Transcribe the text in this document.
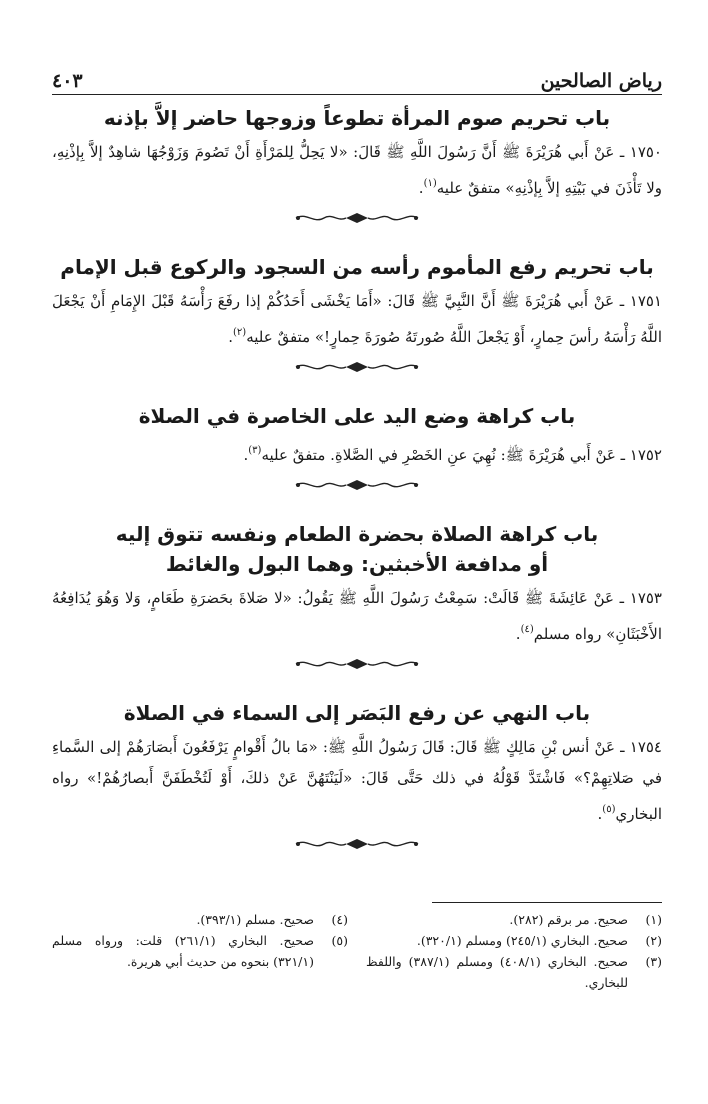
رياض الصالحين
٤٠٣
باب تحريم صوم المرأة تطوعاً وزوجها حاضر إلاَّ بإذنه

١٧٥٠ ـ عَنْ أَبي هُرَيْرَةَ ﷺ أَنَّ رَسُولَ اللَّهِ ﷺ قَالَ: «لا يَحِلُّ لِلمَرْأَةِ أَنْ تَصُومَ وَزَوْجُهَا شاهِدٌ إلاَّ بِإذْنِهِ، ولا تَأْذَنَ في بَيْتِهِ إلاَّ بِإذْنِهِ» متفقٌ عليه$^{(١)}$.

باب تحريم رفع المأموم رأسه من السجود والركوع قبل الإمام

١٧٥١ ـ عَنْ أَبي هُرَيْرَةَ ﷺ أَنَّ النَّبِيَّ ﷺ قَالَ: «أَمَا يَخْشَى أَحَدُكُمْ إذا رفَعَ رَأْسَهُ قَبْلَ الإِمَامِ أَنْ يَجْعَلَ اللَّهُ رَأْسَهُ رأسَ حِمارٍ، أَوْ يَجْعلَ اللَّهُ صُورتَهُ صُورَةَ حِمارٍ!» متفقٌ عليه$^{(٢)}$.

باب كراهة وضع اليد على الخاصرة في الصلاة

١٧٥٢ ـ عَنْ أَبي هُرَيْرَةَ ﷺ: نُهِيَ عنِ الخَصْرِ في الصَّلاةِ. متفقٌ عليه$^{(٣)}$.

باب كراهة الصلاة بحضرة الطعام ونفسه تتوق إليه
أو مدافعة الأخبثين: وهما البول والغائط

١٧٥٣ ـ عَنْ عَائِشَةَ ﷺ قَالَتْ: سَمِعْتُ رَسُولَ اللَّهِ ﷺ يَقُولُ: «لا صَلاةَ بحَضرَةِ طَعَامٍ، وَلا وَهُوَ يُدَافِعُهُ الأَخْبَثَانِ» رواه مسلم$^{(٤)}$.

باب النهي عن رفع البَصَر إلى السماء في الصلاة

١٧٥٤ ـ عَنْ أنس بْنِ مَالِكٍ ﷺ قَالَ: قَالَ رَسُولُ اللَّهِ ﷺ: «مَا بالُ أَقْوامٍ يَرْفَعُونَ أَبصَارَهُمْ إلى السَّماءِ في صَلاتِهِمْ؟» فَاشْتَدَّ قَوْلُهُ في ذلك حَتَّى قَالَ: «لَيَنْتَهُنَّ عَنْ ذلكَ، أَوْ لَتُخْطَفَنَّ أَبصارُهُمْ!» رواه البخاري$^{(٥)}$.

(١)
صحيح. مر برقم (٢٨٢).
(٢)
صحيح. البخاري (٢٤٥/١) ومسلم (٣٢٠/١).
(٣)
صحيح. البخاري (٤٠٨/١) ومسلم (٣٨٧/١) واللفظ للبخاري.
(٤)
صحيح. مسلم (٣٩٣/١).
(٥)
صحيح. البخاري (٢٦١/١) قلت: ورواه مسلم (٣٢١/١) بنحوه من حديث أبي هريرة.
